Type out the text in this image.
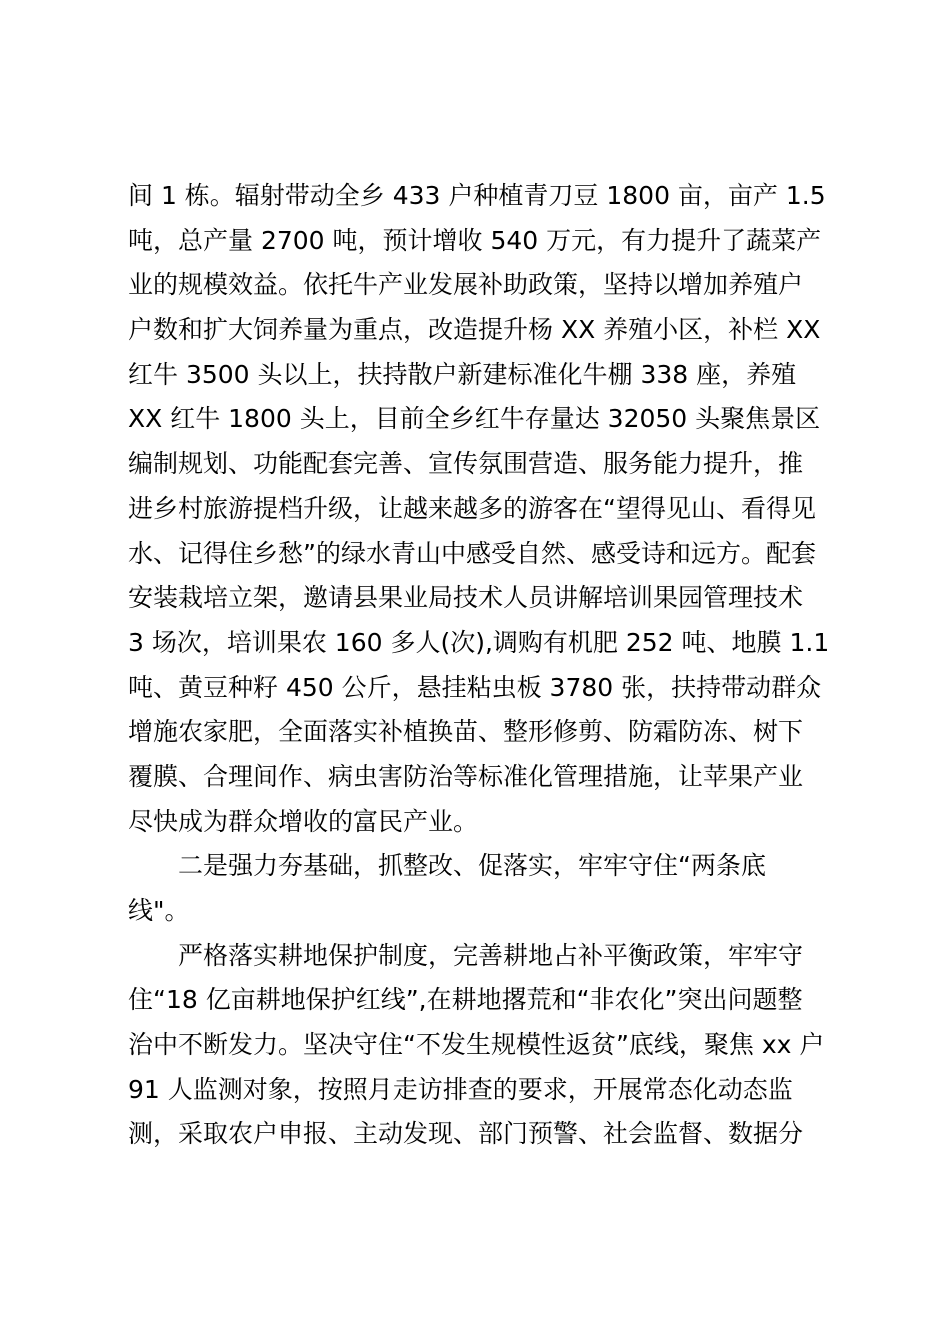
间 1 栋。辐射带动全乡 433 户种植青刀豆 1800 亩，亩产 1.5
吨，总产量 2700 吨，预计增收 540 万元，有力提升了蔬菜产
业的规模效益。依托牛产业发展补助政策，坚持以增加养殖户
户数和扩大饲养量为重点，改造提升杨 XX 养殖小区，补栏 XX
红牛 3500 头以上，扶持散户新建标准化牛棚 338 座，养殖
XX 红牛 1800 头上，目前全乡红牛存量达 32050 头聚焦景区
编制规划、功能配套完善、宣传氛围营造、服务能力提升，推
进乡村旅游提档升级，让越来越多的游客在“望得见山、看得见
水、记得住乡愁”的绿水青山中感受自然、感受诗和远方。配套
安装栽培立架，邀请县果业局技术人员讲解培训果园管理技术
3 场次，培训果农 160 多人(次),调购有机肥 252 吨、地膜 1.1
吨、黄豆种籽 450 公斤，悬挂粘虫板 3780 张，扶持带动群众
增施农家肥，全面落实补植换苗、整形修剪、防霜防冻、树下
覆膜、合理间作、病虫害防治等标准化管理措施，让苹果产业
尽快成为群众增收的富民产业。
二是强力夯基础，抓整改、促落实，牢牢守住“两条底
线"。
严格落实耕地保护制度，完善耕地占补平衡政策，牢牢守
住“18 亿亩耕地保护红线”,在耕地撂荒和“非农化”突出问题整
治中不断发力。坚决守住“不发生规模性返贫”底线，聚焦 xx 户
91 人监测对象，按照月走访排查的要求，开展常态化动态监
测，采取农户申报、主动发现、部门预警、社会监督、数据分
